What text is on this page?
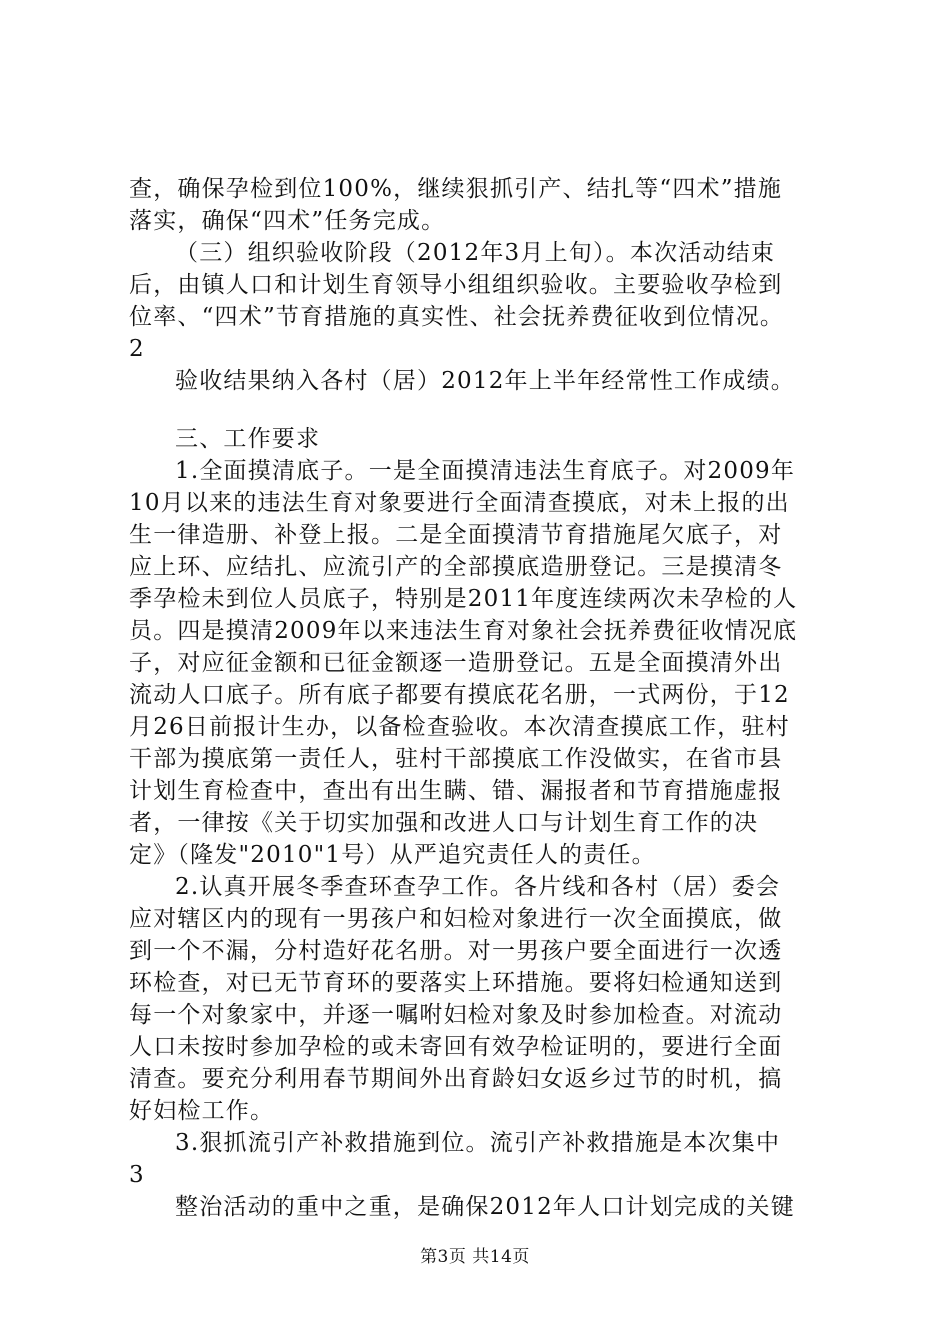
查，确保孕检到位100%，继续狠抓引产、结扎等“四术”措施
落实，确保“四术”任务完成。
（三）组织验收阶段（2012年3月上旬）。本次活动结束
后，由镇人口和计划生育领导小组组织验收。主要验收孕检到
位率、“四术”节育措施的真实性、社会抚养费征收到位情况。
2
验收结果纳入各村（居）2012年上半年经常性工作成绩。
三、工作要求
1.全面摸清底子。一是全面摸清违法生育底子。对2009年
10月以来的违法生育对象要进行全面清查摸底，对未上报的出
生一律造册、补登上报。二是全面摸清节育措施尾欠底子，对
应上环、应结扎、应流引产的全部摸底造册登记。三是摸清冬
季孕检未到位人员底子，特别是2011年度连续两次未孕检的人
员。四是摸清2009年以来违法生育对象社会抚养费征收情况底
子，对应征金额和已征金额逐一造册登记。五是全面摸清外出
流动人口底子。所有底子都要有摸底花名册，一式两份，于12
月26日前报计生办，以备检查验收。本次清查摸底工作，驻村
干部为摸底第一责任人，驻村干部摸底工作没做实，在省市县
计划生育检查中，查出有出生瞒、错、漏报者和节育措施虚报
者，一律按《关于切实加强和改进人口与计划生育工作的决
定》（隆发"2010"1号）从严追究责任人的责任。
2.认真开展冬季查环查孕工作。各片线和各村（居）委会
应对辖区内的现有一男孩户和妇检对象进行一次全面摸底，做
到一个不漏，分村造好花名册。对一男孩户要全面进行一次透
环检查，对已无节育环的要落实上环措施。要将妇检通知送到
每一个对象家中，并逐一嘱咐妇检对象及时参加检查。对流动
人口未按时参加孕检的或未寄回有效孕检证明的，要进行全面
清查。要充分利用春节期间外出育龄妇女返乡过节的时机，搞
好妇检工作。
3.狠抓流引产补救措施到位。流引产补救措施是本次集中
3
整治活动的重中之重，是确保2012年人口计划完成的关键
第3页 共14页
